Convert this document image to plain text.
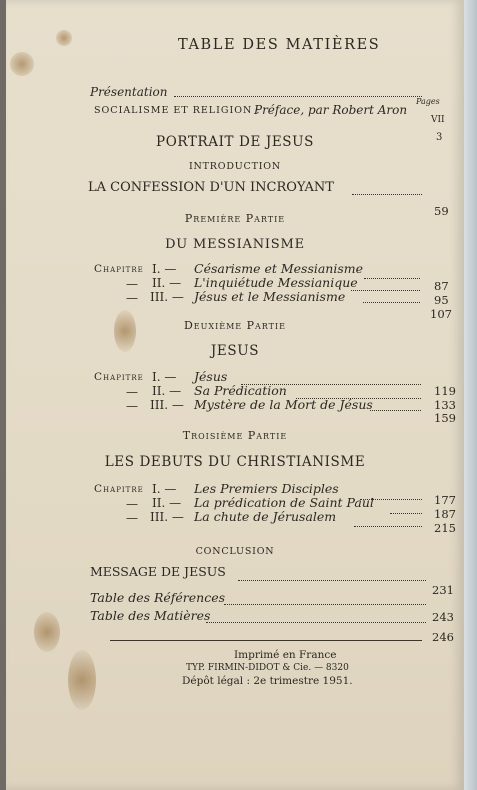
TABLE DES MATIÈRES
Pages
Présentation
SOCIALISME ET RELIGION :
Préface, par Robert Aron
VII
3
PORTRAIT DE JESUS
INTRODUCTION
LA CONFESSION D'UN INCROYANT
59
Première Partie
DU MESSIANISME
Chapitre I. — Césarisme et Messianisme
87
— II. — L'inquiétude Messianique
95
— III. — Jésus et le Messianisme
107
Deuxième Partie
JESUS
Chapitre I. — Jésus
119
— II. — Sa Prédication
133
— III. — Mystère de la Mort de Jésus
159
Troisième Partie
LES DEBUTS DU CHRISTIANISME
Chapitre I. — Les Premiers Disciples
177
— II. — La prédication de Saint Paul
187
— III. — La chute de Jérusalem
215
CONCLUSION
MESSAGE DE JESUS
231
Table des Références
243
Table des Matières
246
Imprimé en France
TYP. FIRMIN-DIDOT & Cie. — 8320
Dépôt légal : 2e trimestre 1951.
